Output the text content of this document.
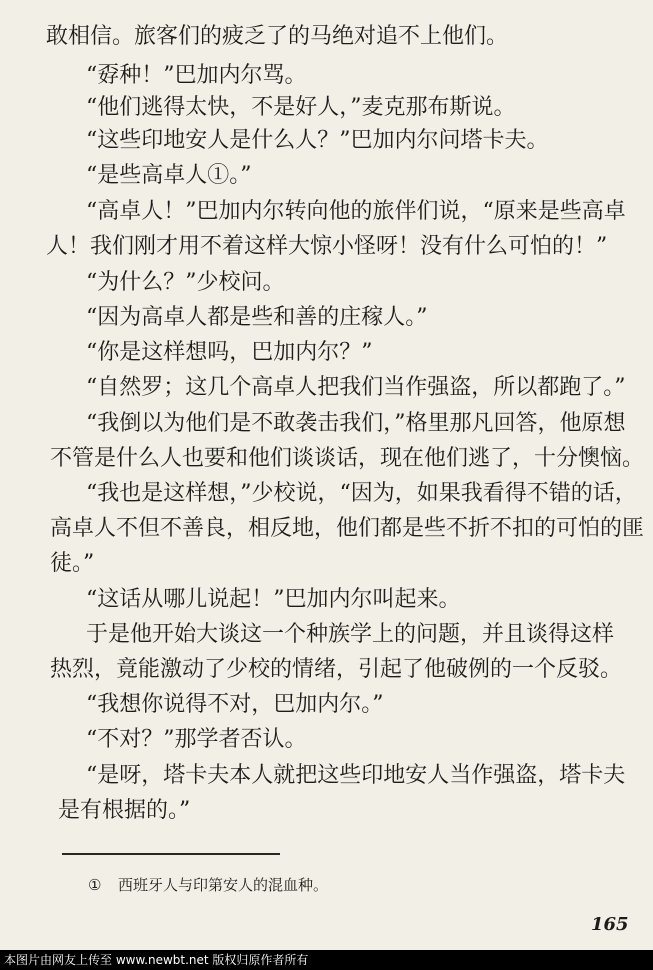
敢相信。旅客们的疲乏了的马绝对追不上他们。
“孬种！”巴加内尔骂。
“他们逃得太快，不是好人，”麦克那布斯说。
“这些印地安人是什么人？”巴加内尔问塔卡夫。
“是些高卓人①。”
“高卓人！”巴加内尔转向他的旅伴们说，“原来是些高卓
人！我们刚才用不着这样大惊小怪呀！没有什么可怕的！”
“为什么？”少校问。
“因为高卓人都是些和善的庄稼人。”
“你是这样想吗，巴加内尔？”
“自然罗；这几个高卓人把我们当作强盗，所以都跑了。”
“我倒以为他们是不敢袭击我们，”格里那凡回答，他原想
不管是什么人也要和他们谈谈话，现在他们逃了，十分懊恼。
“我也是这样想，”少校说，“因为，如果我看得不错的话，
高卓人不但不善良，相反地，他们都是些不折不扣的可怕的匪
徒。”
“这话从哪儿说起！”巴加内尔叫起来。
于是他开始大谈这一个种族学上的问题，并且谈得这样
热烈，竟能激动了少校的情绪，引起了他破例的一个反驳。
“我想你说得不对，巴加内尔。”
“不对？”那学者否认。
“是呀，塔卡夫本人就把这些印地安人当作强盗，塔卡夫
是有根据的。”
① 西班牙人与印第安人的混血种。
165
本图片由网友上传至 www.newbt.net 版权归原作者所有
